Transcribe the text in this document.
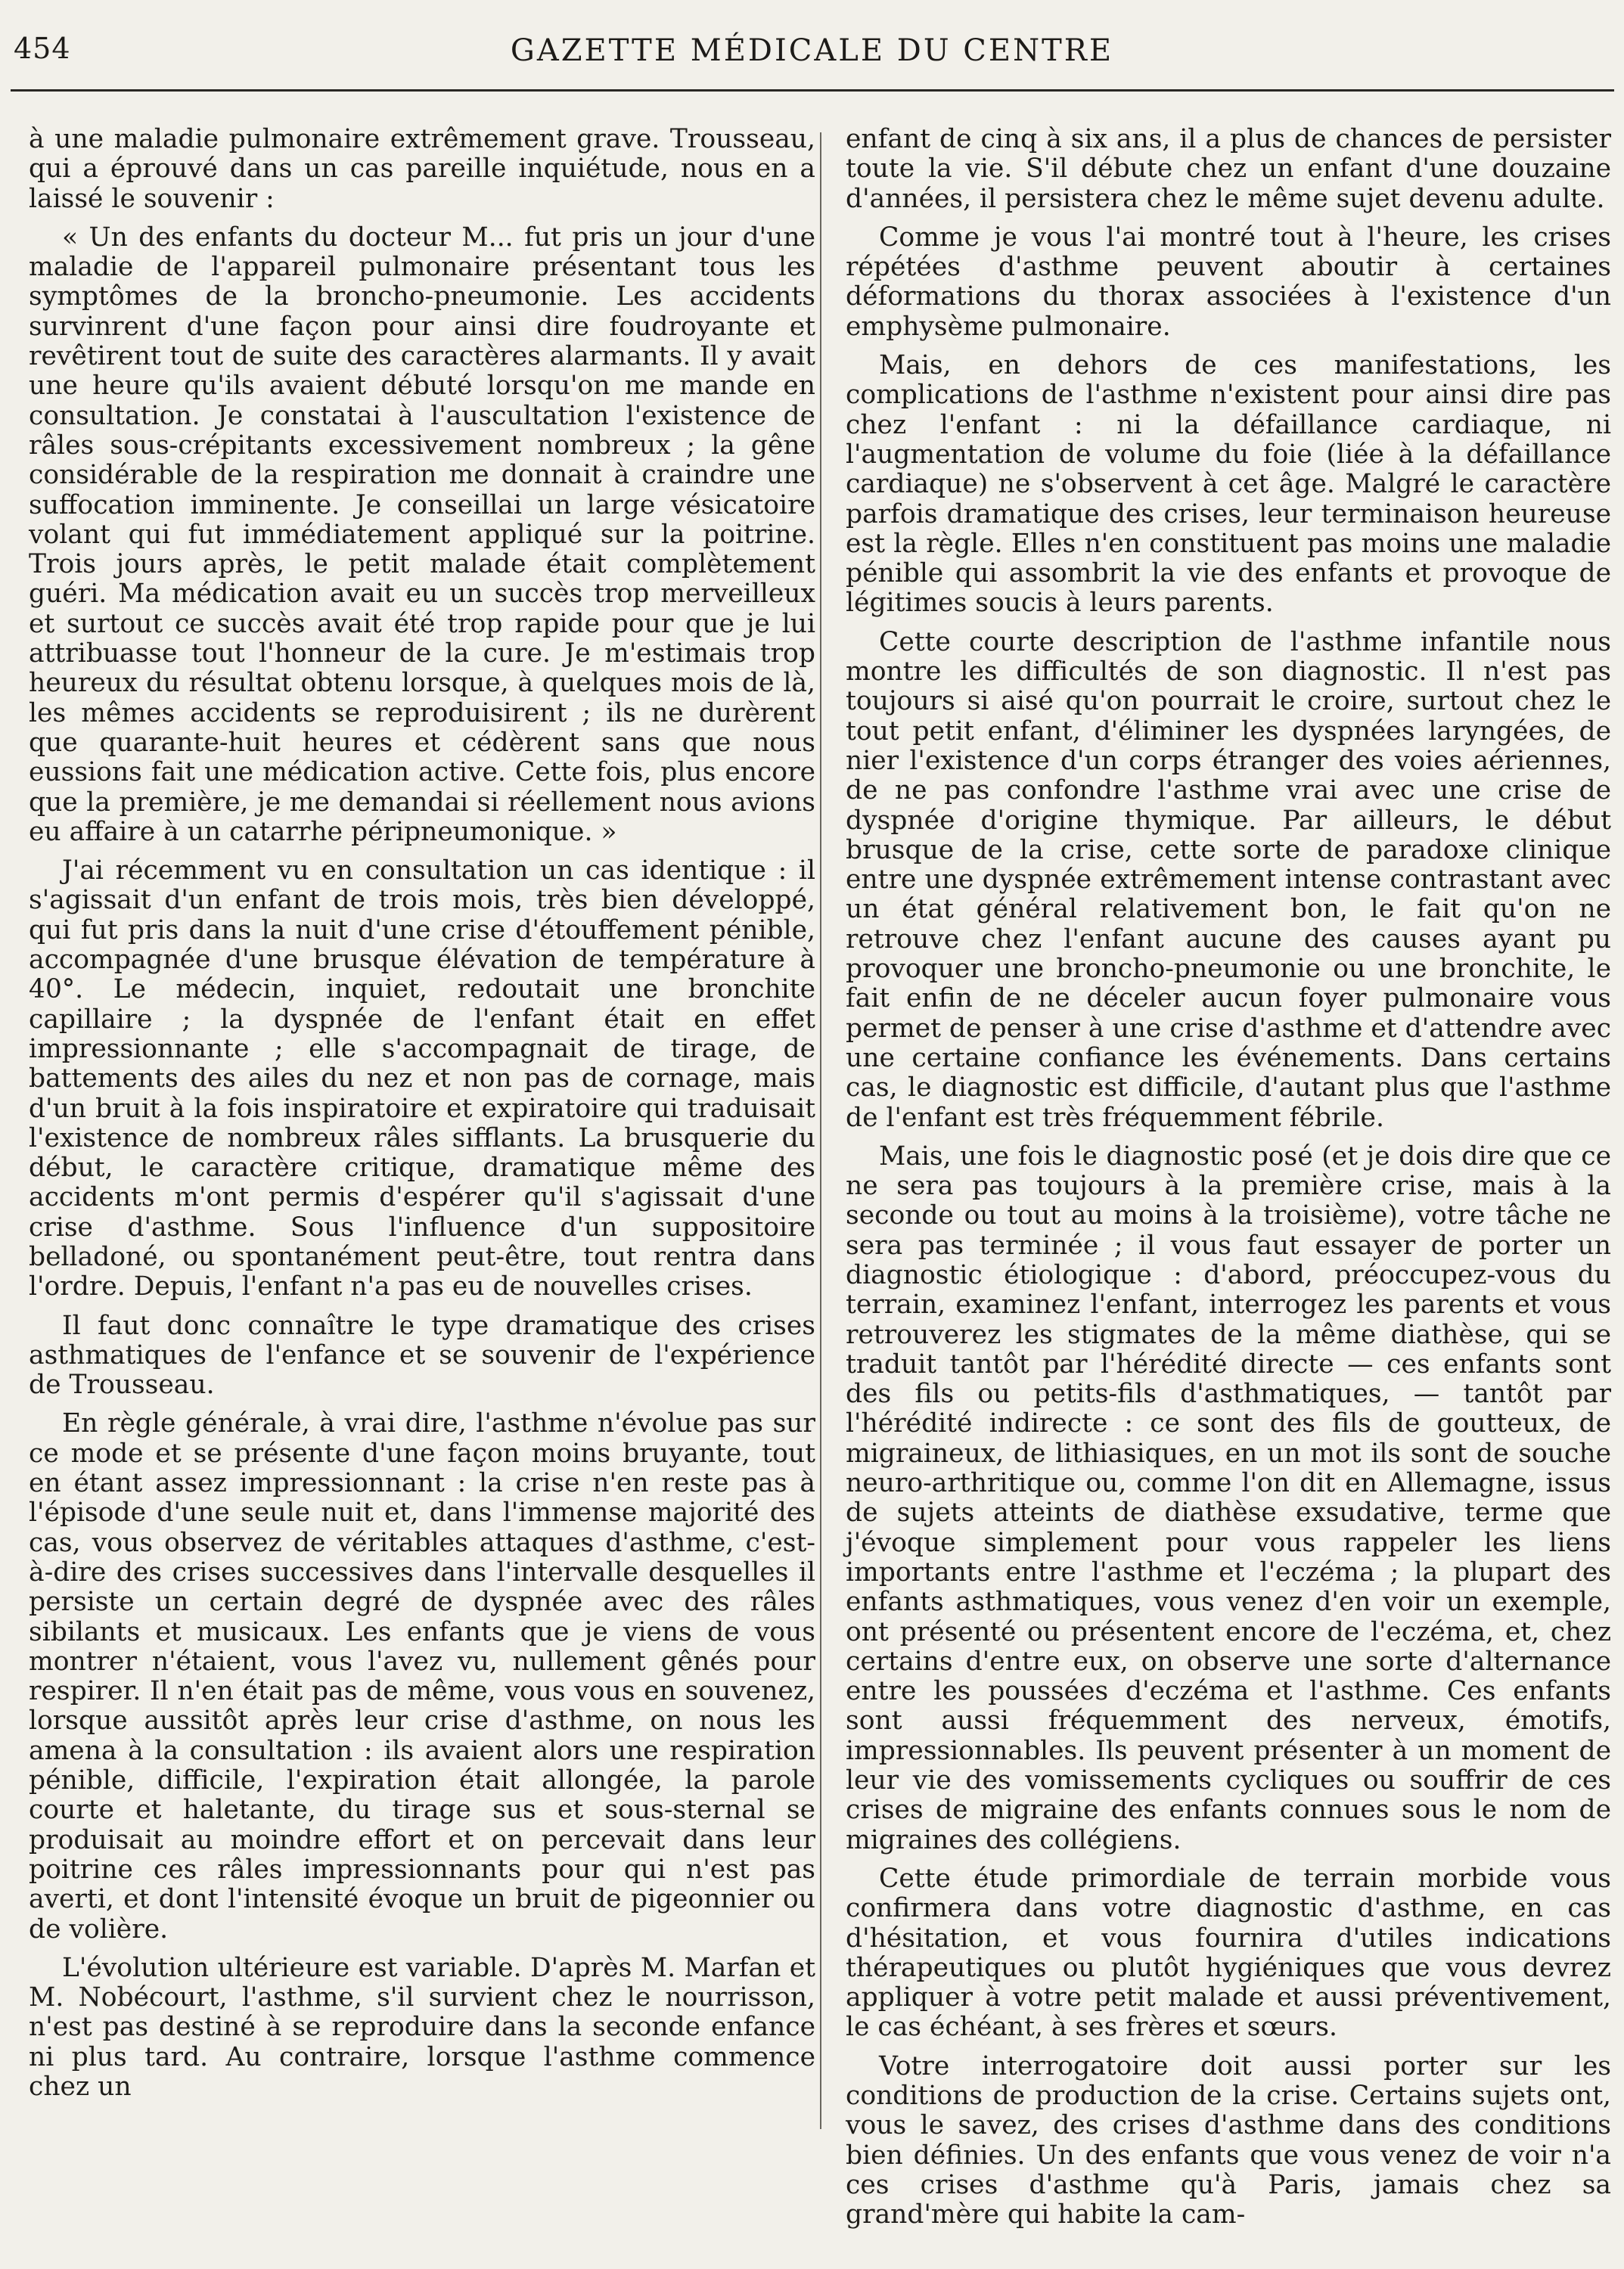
454	GAZETTE MÉDICALE DU CENTRE

à une maladie pulmonaire extrêmement grave. Trousseau, qui a éprouvé dans un cas pareille inquiétude, nous en a laissé le souvenir :

« Un des enfants du docteur M... fut pris un jour d'une maladie de l'appareil pulmonaire présentant tous les symptômes de la broncho-pneumonie. Les accidents survinrent d'une façon pour ainsi dire foudroyante et revêtirent tout de suite des caractères alarmants. Il y avait une heure qu'ils avaient débuté lorsqu'on me mande en consultation. Je constatai à l'auscultation l'existence de râles sous-crépitants excessivement nombreux ; la gêne considérable de la respiration me donnait à craindre une suffocation imminente. Je conseillai un large vésicatoire volant qui fut immédiatement appliqué sur la poitrine. Trois jours après, le petit malade était complètement guéri. Ma médication avait eu un succès trop merveilleux et surtout ce succès avait été trop rapide pour que je lui attribuasse tout l'honneur de la cure. Je m'estimais trop heureux du résultat obtenu lorsque, à quelques mois de là, les mêmes accidents se reproduisirent ; ils ne durèrent que quarante-huit heures et cédèrent sans que nous eussions fait une médication active. Cette fois, plus encore que la première, je me demandai si réellement nous avions eu affaire à un catarrhe péripneumonique. »

J'ai récemment vu en consultation un cas identique : il s'agissait d'un enfant de trois mois, très bien développé, qui fut pris dans la nuit d'une crise d'étouffement pénible, accompagnée d'une brusque élévation de température à 40°. Le médecin, inquiet, redoutait une bronchite capillaire ; la dyspnée de l'enfant était en effet impressionnante ; elle s'accompagnait de tirage, de battements des ailes du nez et non pas de cornage, mais d'un bruit à la fois inspiratoire et expiratoire qui traduisait l'existence de nombreux râles sifflants. La brusquerie du début, le caractère critique, dramatique même des accidents m'ont permis d'espérer qu'il s'agissait d'une crise d'asthme. Sous l'influence d'un suppositoire belladoné, ou spontanément peut-être, tout rentra dans l'ordre. Depuis, l'enfant n'a pas eu de nouvelles crises.

Il faut donc connaître le type dramatique des crises asthmatiques de l'enfance et se souvenir de l'expérience de Trousseau.

En règle générale, à vrai dire, l'asthme n'évolue pas sur ce mode et se présente d'une façon moins bruyante, tout en étant assez impressionnant : la crise n'en reste pas à l'épisode d'une seule nuit et, dans l'immense majorité des cas, vous observez de véritables attaques d'asthme, c'est-à-dire des crises successives dans l'intervalle desquelles il persiste un certain degré de dyspnée avec des râles sibilants et musicaux. Les enfants que je viens de vous montrer n'étaient, vous l'avez vu, nullement gênés pour respirer. Il n'en était pas de même, vous vous en souvenez, lorsque aussitôt après leur crise d'asthme, on nous les amena à la consultation : ils avaient alors une respiration pénible, difficile, l'expiration était allongée, la parole courte et haletante, du tirage sus et sous-sternal se produisait au moindre effort et on percevait dans leur poitrine ces râles impressionnants pour qui n'est pas averti, et dont l'intensité évoque un bruit de pigeonnier ou de volière.

L'évolution ultérieure est variable. D'après M. Marfan et M. Nobécourt, l'asthme, s'il survient chez le nourrisson, n'est pas destiné à se reproduire dans la seconde enfance ni plus tard. Au contraire, lorsque l'asthme commence chez un

enfant de cinq à six ans, il a plus de chances de persister toute la vie. S'il débute chez un enfant d'une douzaine d'années, il persistera chez le même sujet devenu adulte.

Comme je vous l'ai montré tout à l'heure, les crises répétées d'asthme peuvent aboutir à certaines déformations du thorax associées à l'existence d'un emphysème pulmonaire.

Mais, en dehors de ces manifestations, les complications de l'asthme n'existent pour ainsi dire pas chez l'enfant : ni la défaillance cardiaque, ni l'augmentation de volume du foie (liée à la défaillance cardiaque) ne s'observent à cet âge. Malgré le caractère parfois dramatique des crises, leur terminaison heureuse est la règle. Elles n'en constituent pas moins une maladie pénible qui assombrit la vie des enfants et provoque de légitimes soucis à leurs parents.

Cette courte description de l'asthme infantile nous montre les difficultés de son diagnostic. Il n'est pas toujours si aisé qu'on pourrait le croire, surtout chez le tout petit enfant, d'éliminer les dyspnées laryngées, de nier l'existence d'un corps étranger des voies aériennes, de ne pas confondre l'asthme vrai avec une crise de dyspnée d'origine thymique. Par ailleurs, le début brusque de la crise, cette sorte de paradoxe clinique entre une dyspnée extrêmement intense contrastant avec un état général relativement bon, le fait qu'on ne retrouve chez l'enfant aucune des causes ayant pu provoquer une broncho-pneumonie ou une bronchite, le fait enfin de ne déceler aucun foyer pulmonaire vous permet de penser à une crise d'asthme et d'attendre avec une certaine confiance les événements. Dans certains cas, le diagnostic est difficile, d'autant plus que l'asthme de l'enfant est très fréquemment fébrile.

Mais, une fois le diagnostic posé (et je dois dire que ce ne sera pas toujours à la première crise, mais à la seconde ou tout au moins à la troisième), votre tâche ne sera pas terminée ; il vous faut essayer de porter un diagnostic étiologique : d'abord, préoccupez-vous du terrain, examinez l'enfant, interrogez les parents et vous retrouverez les stigmates de la même diathèse, qui se traduit tantôt par l'hérédité directe — ces enfants sont des fils ou petits-fils d'asthmatiques, — tantôt par l'hérédité indirecte : ce sont des fils de goutteux, de migraineux, de lithiasiques, en un mot ils sont de souche neuro-arthritique ou, comme l'on dit en Allemagne, issus de sujets atteints de diathèse exsudative, terme que j'évoque simplement pour vous rappeler les liens importants entre l'asthme et l'eczéma ; la plupart des enfants asthmatiques, vous venez d'en voir un exemple, ont présenté ou présentent encore de l'eczéma, et, chez certains d'entre eux, on observe une sorte d'alternance entre les poussées d'eczéma et l'asthme. Ces enfants sont aussi fréquemment des nerveux, émotifs, impressionnables. Ils peuvent présenter à un moment de leur vie des vomissements cycliques ou souffrir de ces crises de migraine des enfants connues sous le nom de migraines des collégiens.

Cette étude primordiale de terrain morbide vous confirmera dans votre diagnostic d'asthme, en cas d'hésitation, et vous fournira d'utiles indications thérapeutiques ou plutôt hygiéniques que vous devrez appliquer à votre petit malade et aussi préventivement, le cas échéant, à ses frères et sœurs.

Votre interrogatoire doit aussi porter sur les conditions de production de la crise. Certains sujets ont, vous le savez, des crises d'asthme dans des conditions bien définies. Un des enfants que vous venez de voir n'a ces crises d'asthme qu'à Paris, jamais chez sa grand'mère qui habite la cam-
